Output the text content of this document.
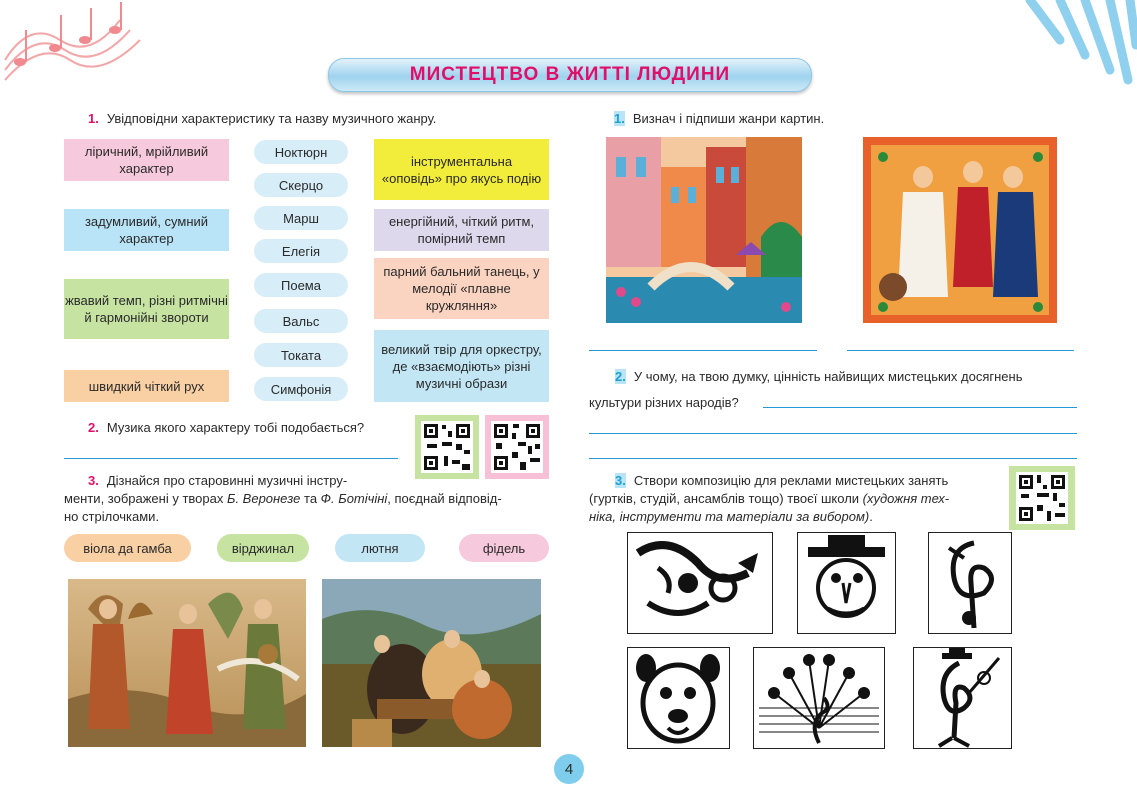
МИСТЕЦТВО В ЖИТТІ ЛЮДИНИ
1. Увідповідни характеристику та назву музичного жанру.
ліричний, мрійливий характер
задумливий, сумний характер
жвавий темп, різні ритмічні й гармонійні звороти
швидкий чіткий рух
Ноктюрн
Скерцо
Марш
Елегія
Поема
Вальс
Токата
Симфонія
інструментальна «оповідь» про якусь подію
енергійний, чіткий ритм, помірний темп
парний бальний танець, у мелодії «плавне кружляння»
великий твір для оркестру, де «взаємодіють» різні музичні образи
2. Музика якого характеру тобі подобається?
3. Дізнайся про старовинні музичні інстру-
менти, зображені у творах Б. Веронезе та Ф. Ботічіні, поєднай відповід-
но стрілочками.
віола да гамба	вірджинал	лютня	фідель
1. Визнач і підпиши жанри картин.
2. У чому, на твою думку, цінність найвищих мистецьких досягнень
культури різних народів?
3. Створи композицію для реклами мистецьких занять
(гуртків, студій, ансамблів тощо) твоєї школи (художня тех-
ніка, інструменти та матеріали за вибором).
4
